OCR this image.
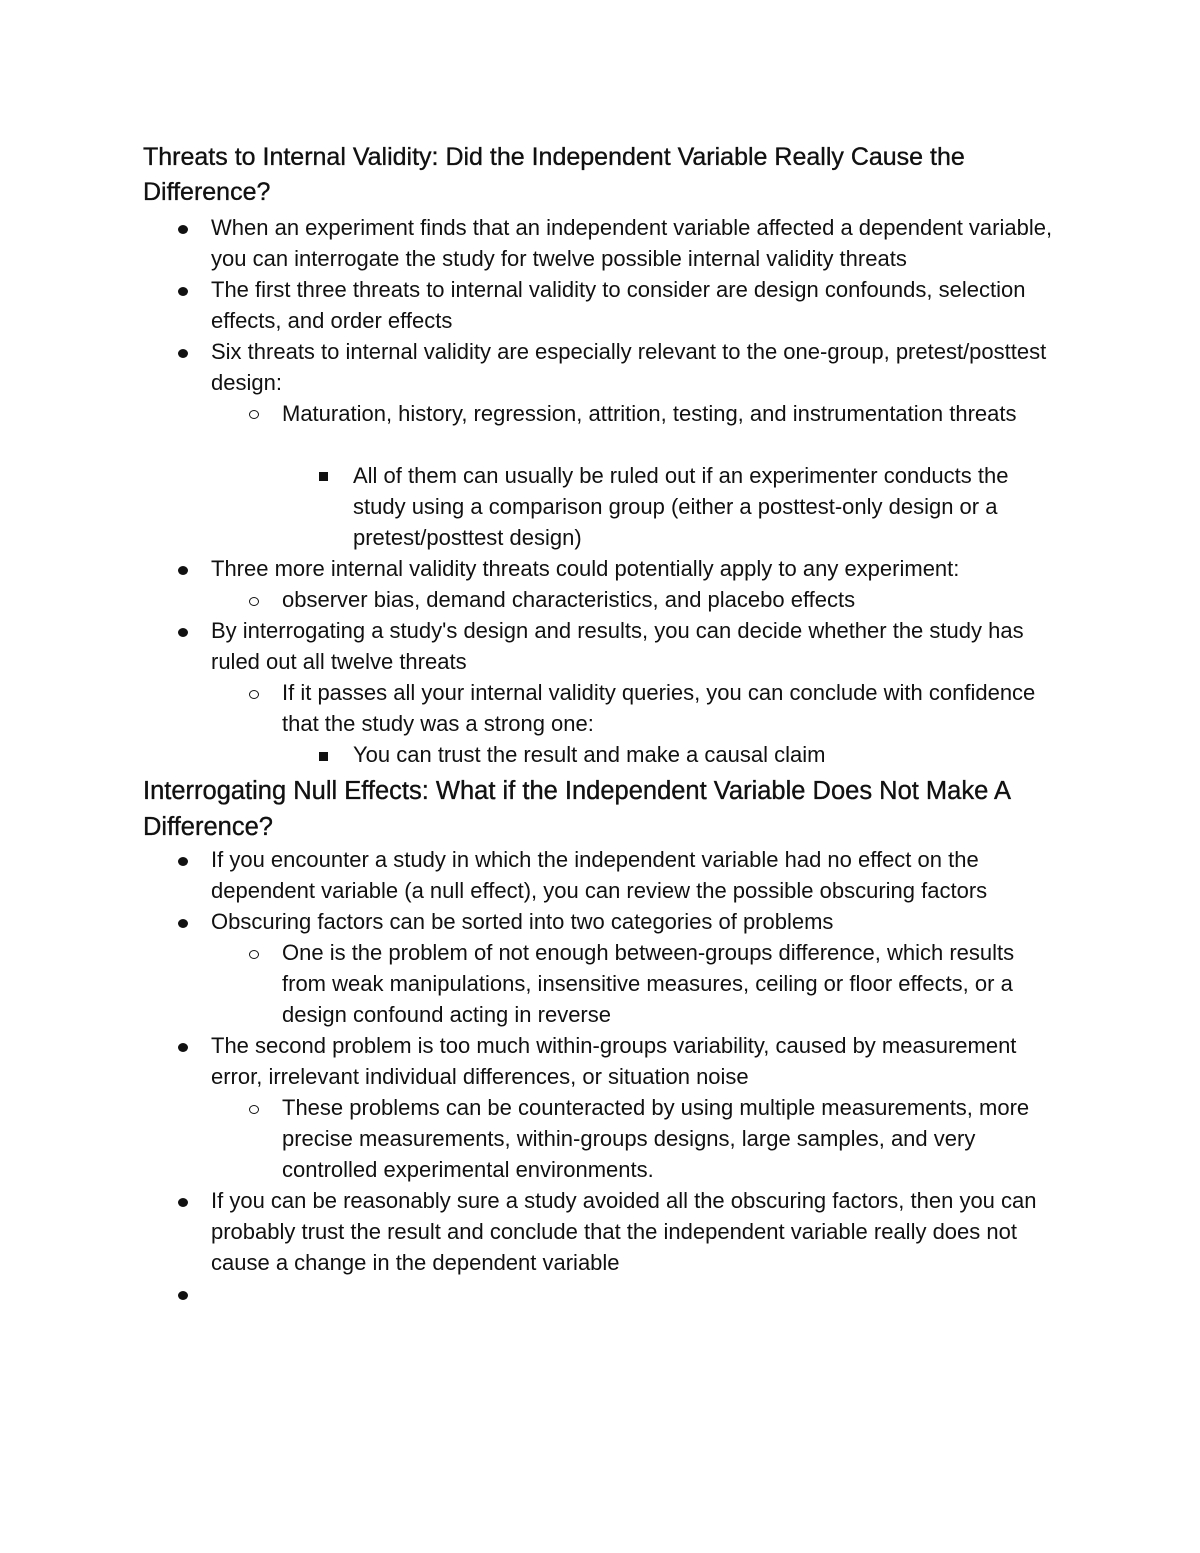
Threats to Internal Validity: Did the Independent Variable Really Cause the Difference?

When an experiment finds that an independent variable affected a dependent variable, you can interrogate the study for twelve possible internal validity threats

The first three threats to internal validity to consider are design confounds, selection effects, and order effects

Six threats to internal validity are especially relevant to the one-group, pretest/posttest design:

Maturation, history, regression, attrition, testing, and instrumentation threats

All of them can usually be ruled out if an experimenter conducts the study using a comparison group (either a posttest-only design or a pretest/posttest design)

Three more internal validity threats could potentially apply to any experiment:

observer bias, demand characteristics, and placebo effects

By interrogating a study's design and results, you can decide whether the study has ruled out all twelve threats

If it passes all your internal validity queries, you can conclude with confidence that the study was a strong one:

You can trust the result and make a causal claim

Interrogating Null Effects: What if the Independent Variable Does Not Make A Difference?

If you encounter a study in which the independent variable had no effect on the dependent variable (a null effect), you can review the possible obscuring factors

Obscuring factors can be sorted into two categories of problems

One is the problem of not enough between-groups difference, which results from weak manipulations, insensitive measures, ceiling or floor effects, or a design confound acting in reverse

The second problem is too much within-groups variability, caused by measurement error, irrelevant individual differences, or situation noise

These problems can be counteracted by using multiple measurements, more precise measurements, within-groups designs, large samples, and very controlled experimental environments.

If you can be reasonably sure a study avoided all the obscuring factors, then you can probably trust the result and conclude that the independent variable really does not cause a change in the dependent variable
